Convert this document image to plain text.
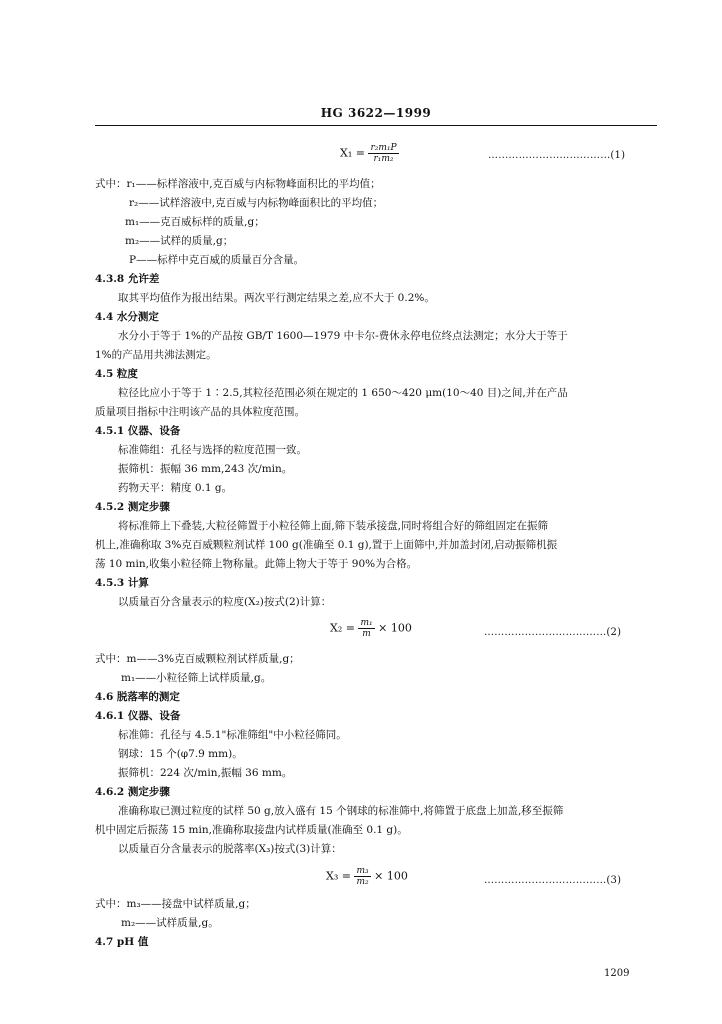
HG 3622—1999
$X_1 = \frac{\text{r₂m₁P}}{\text{r₁m₂}}$	………………………………(1)
式中：r₁——标样溶液中,克百威与内标物峰面积比的平均值；
r₂——试样溶液中,克百威与内标物峰面积比的平均值；
m₁——克百威标样的质量,g；
m₂——试样的质量,g；
P——标样中克百威的质量百分含量。
4.3.8 允许差
取其平均值作为报出结果。两次平行测定结果之差,应不大于 0.2%。
4.4 水分测定
水分小于等于 1%的产品按 GB/T 1600—1979 中卡尔-费休永停电位终点法测定；水分大于等于
1%的产品用共沸法测定。
4.5 粒度
粒径比应小于等于 1∶2.5,其粒径范围必须在规定的 1 650～420 μm(10～40 目)之间,并在产品
质量项目指标中注明该产品的具体粒度范围。
4.5.1 仪器、设备
标准筛组：孔径与选择的粒度范围一致。
振筛机：振幅 36 mm,243 次/min。
药物天平：精度 0.1 g。
4.5.2 测定步骤
将标准筛上下叠装,大粒径筛置于小粒径筛上面,筛下装承接盘,同时将组合好的筛组固定在振筛
机上,准确称取 3%克百威颗粒剂试样 100 g(准确至 0.1 g),置于上面筛中,并加盖封闭,启动振筛机振
荡 10 min,收集小粒径筛上物称量。此筛上物大于等于 90%为合格。
4.5.3 计算
以质量百分含量表示的粒度(X₂)按式(2)计算：
$X_2 = \frac{\text{m₁}}{m} \times 100$	………………………………(2)
式中：m——3%克百威颗粒剂试样质量,g；
m₁——小粒径筛上试样质量,g。
4.6 脱落率的测定
4.6.1 仪器、设备
标准筛：孔径与 4.5.1"标准筛组"中小粒径筛同。
钢球：15 个(φ7.9 mm)。
振筛机：224 次/min,振幅 36 mm。
4.6.2 测定步骤
准确称取已测过粒度的试样 50 g,放入盛有 15 个钢球的标准筛中,将筛置于底盘上加盖,移至振筛
机中固定后振荡 15 min,准确称取接盘内试样质量(准确至 0.1 g)。
以质量百分含量表示的脱落率(X₃)按式(3)计算：
$X_3 = \frac{\text{m₃}}{\text{m₂}} \times 100$	………………………………(3)
式中：m₃——接盘中试样质量,g；
m₂——试样质量,g。
4.7 pH 值
1209
